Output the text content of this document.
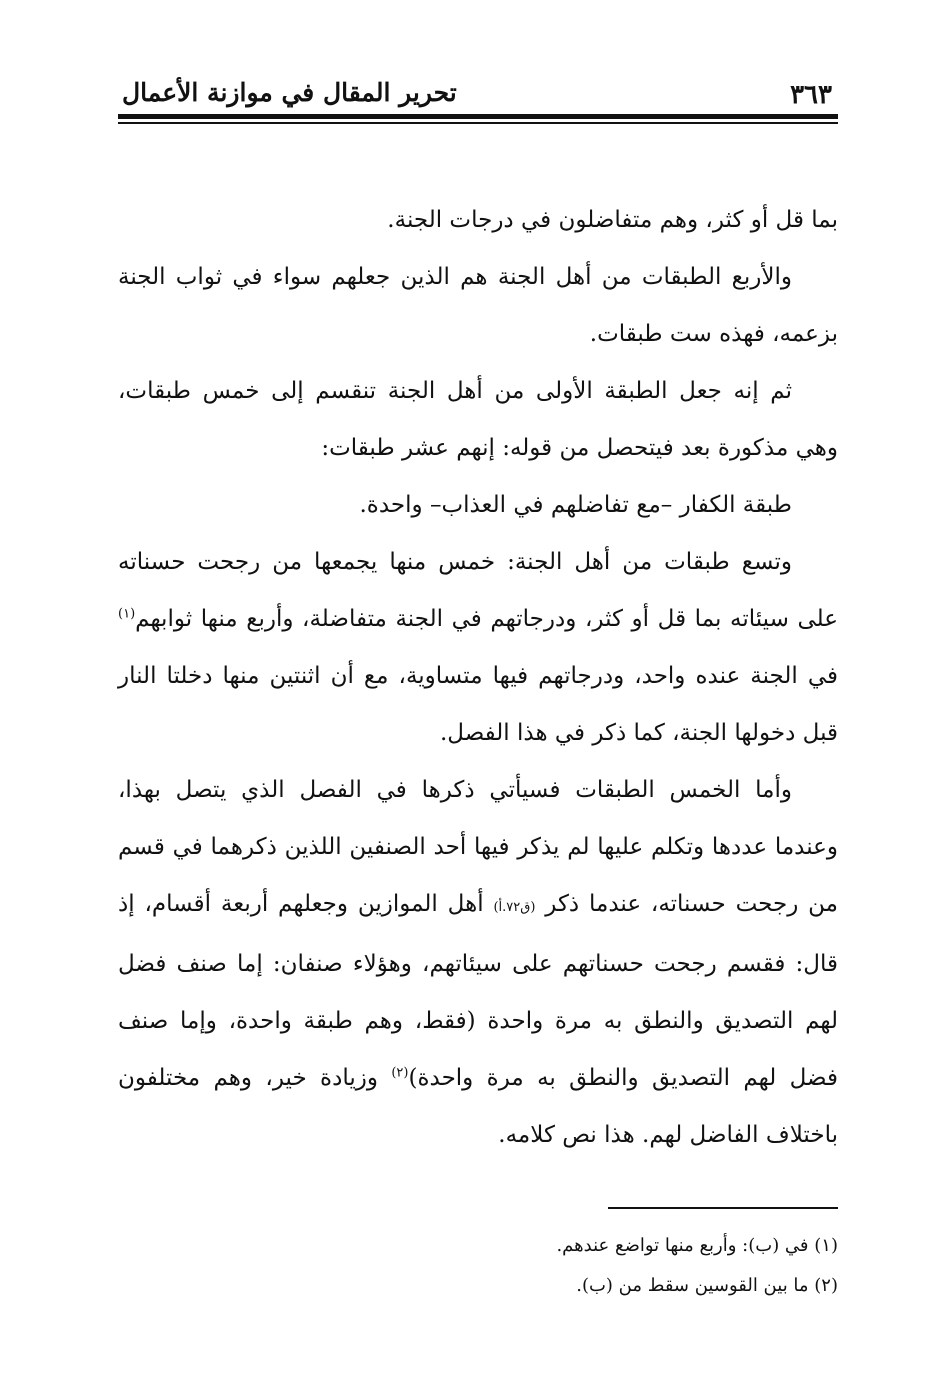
٣٦٣
تحرير المقال في موازنة الأعمال

بما قل أو كثر، وهم متفاضلون في درجات الجنة.

والأربع الطبقات من أهل الجنة هم الذين جعلهم سواء في ثواب الجنة بزعمه، فهذه ست طبقات.

ثم إنه جعل الطبقة الأولى من أهل الجنة تنقسم إلى خمس طبقات، وهي مذكورة بعد فيتحصل من قوله: إنهم عشر طبقات:

طبقة الكفار –مع تفاضلهم في العذاب– واحدة.

وتسع طبقات من أهل الجنة: خمس منها يجمعها من رجحت حسناته على سيئاته بما قل أو كثر، ودرجاتهم في الجنة متفاضلة، وأربع منها ثوابهم$^{(١)}$ في الجنة عنده واحد، ودرجاتهم فيها متساوية، مع أن اثنتين منها دخلتا النار قبل دخولها الجنة، كما ذكر في هذا الفصل.

وأما الخمس الطبقات فسيأتي ذكرها في الفصل الذي يتصل بهذا، وعندما عددها وتكلم عليها لم يذكر فيها أحد الصنفين اللذين ذكرهما في قسم من رجحت حسناته، عندما ذكر (ق٧٢.أ) أهل الموازين وجعلهم أربعة أقسام، إذ قال: فقسم رجحت حسناتهم على سيئاتهم، وهؤلاء صنفان: إما صنف فضل لهم التصديق والنطق به مرة واحدة (فقط، وهم طبقة واحدة، وإما صنف فضل لهم التصديق والنطق به مرة واحدة)$^{(٢)}$ وزيادة خير، وهم مختلفون باختلاف الفاضل لهم. هذا نص كلامه.

(١) في (ب): وأربع منها تواضع عندهم.
(٢) ما بين القوسين سقط من (ب).
